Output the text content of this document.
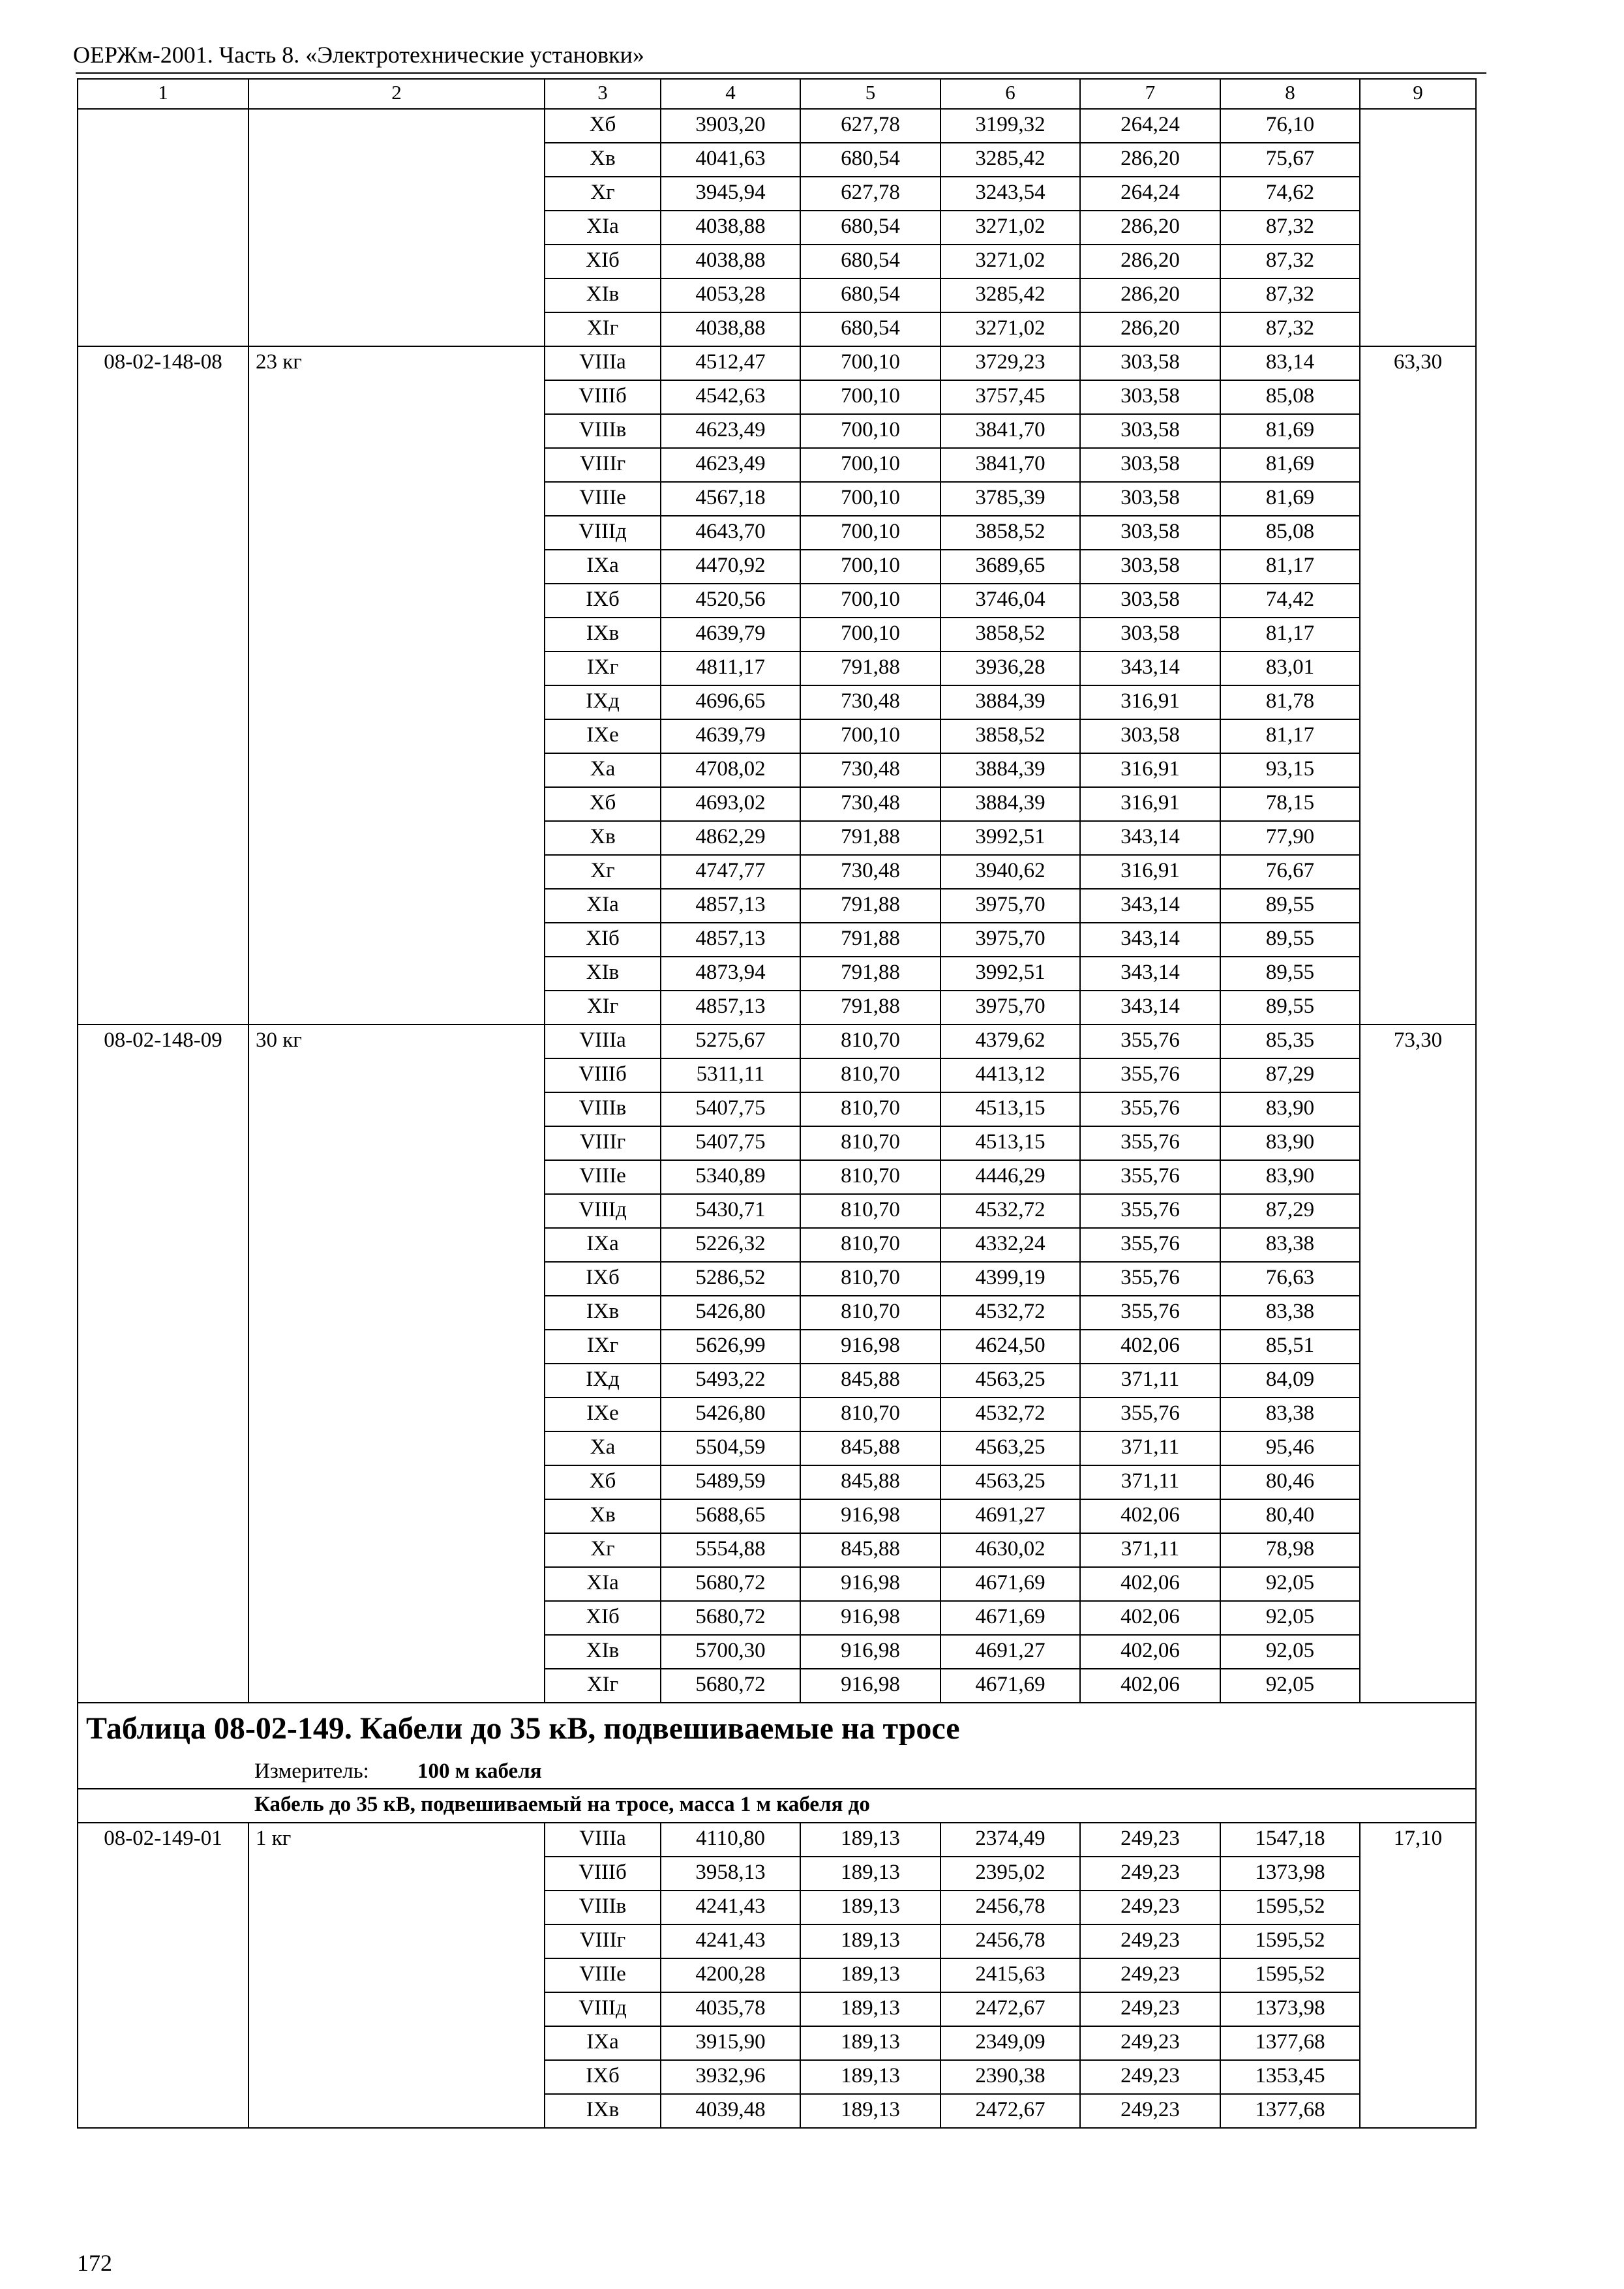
ОЕРЖм-2001. Часть 8. «Электротехнические установки»
1	2	3	4	5	6	7	8	9
		Xб	3903,20	627,78	3199,32	264,24	76,10	
		Xв	4041,63	680,54	3285,42	286,20	75,67	
		Xг	3945,94	627,78	3243,54	264,24	74,62	
		XIа	4038,88	680,54	3271,02	286,20	87,32	
		XIб	4038,88	680,54	3271,02	286,20	87,32	
		XIв	4053,28	680,54	3285,42	286,20	87,32	
		XIг	4038,88	680,54	3271,02	286,20	87,32	
08-02-148-08	23 кг	VIIIа	4512,47	700,10	3729,23	303,58	83,14	63,30
		VIIIб	4542,63	700,10	3757,45	303,58	85,08	
		VIIIв	4623,49	700,10	3841,70	303,58	81,69	
		VIIIг	4623,49	700,10	3841,70	303,58	81,69	
		VIIIе	4567,18	700,10	3785,39	303,58	81,69	
		VIIIд	4643,70	700,10	3858,52	303,58	85,08	
		IXа	4470,92	700,10	3689,65	303,58	81,17	
		IXб	4520,56	700,10	3746,04	303,58	74,42	
		IXв	4639,79	700,10	3858,52	303,58	81,17	
		IXг	4811,17	791,88	3936,28	343,14	83,01	
		IXд	4696,65	730,48	3884,39	316,91	81,78	
		IXе	4639,79	700,10	3858,52	303,58	81,17	
		Xа	4708,02	730,48	3884,39	316,91	93,15	
		Xб	4693,02	730,48	3884,39	316,91	78,15	
		Xв	4862,29	791,88	3992,51	343,14	77,90	
		Xг	4747,77	730,48	3940,62	316,91	76,67	
		XIа	4857,13	791,88	3975,70	343,14	89,55	
		XIб	4857,13	791,88	3975,70	343,14	89,55	
		XIв	4873,94	791,88	3992,51	343,14	89,55	
		XIг	4857,13	791,88	3975,70	343,14	89,55	
08-02-148-09	30 кг	VIIIа	5275,67	810,70	4379,62	355,76	85,35	73,30
		VIIIб	5311,11	810,70	4413,12	355,76	87,29	
		VIIIв	5407,75	810,70	4513,15	355,76	83,90	
		VIIIг	5407,75	810,70	4513,15	355,76	83,90	
		VIIIе	5340,89	810,70	4446,29	355,76	83,90	
		VIIIд	5430,71	810,70	4532,72	355,76	87,29	
		IXа	5226,32	810,70	4332,24	355,76	83,38	
		IXб	5286,52	810,70	4399,19	355,76	76,63	
		IXв	5426,80	810,70	4532,72	355,76	83,38	
		IXг	5626,99	916,98	4624,50	402,06	85,51	
		IXд	5493,22	845,88	4563,25	371,11	84,09	
		IXе	5426,80	810,70	4532,72	355,76	83,38	
		Xа	5504,59	845,88	4563,25	371,11	95,46	
		Xб	5489,59	845,88	4563,25	371,11	80,46	
		Xв	5688,65	916,98	4691,27	402,06	80,40	
		Xг	5554,88	845,88	4630,02	371,11	78,98	
		XIа	5680,72	916,98	4671,69	402,06	92,05	
		XIб	5680,72	916,98	4671,69	402,06	92,05	
		XIв	5700,30	916,98	4691,27	402,06	92,05	
		XIг	5680,72	916,98	4671,69	402,06	92,05	
Таблица 08-02-149. Кабели до 35 кВ, подвешиваемые на тросе								
Измеритель: 100 м кабеля								
Кабель до 35 кВ, подвешиваемый на тросе, масса 1 м кабеля до								
08-02-149-01	1 кг	VIIIа	4110,80	189,13	2374,49	249,23	1547,18	17,10
		VIIIб	3958,13	189,13	2395,02	249,23	1373,98	
		VIIIв	4241,43	189,13	2456,78	249,23	1595,52	
		VIIIг	4241,43	189,13	2456,78	249,23	1595,52	
		VIIIе	4200,28	189,13	2415,63	249,23	1595,52	
		VIIIд	4035,78	189,13	2472,67	249,23	1373,98	
		IXа	3915,90	189,13	2349,09	249,23	1377,68	
		IXб	3932,96	189,13	2390,38	249,23	1353,45	
		IXв	4039,48	189,13	2472,67	249,23	1377,68	
172
